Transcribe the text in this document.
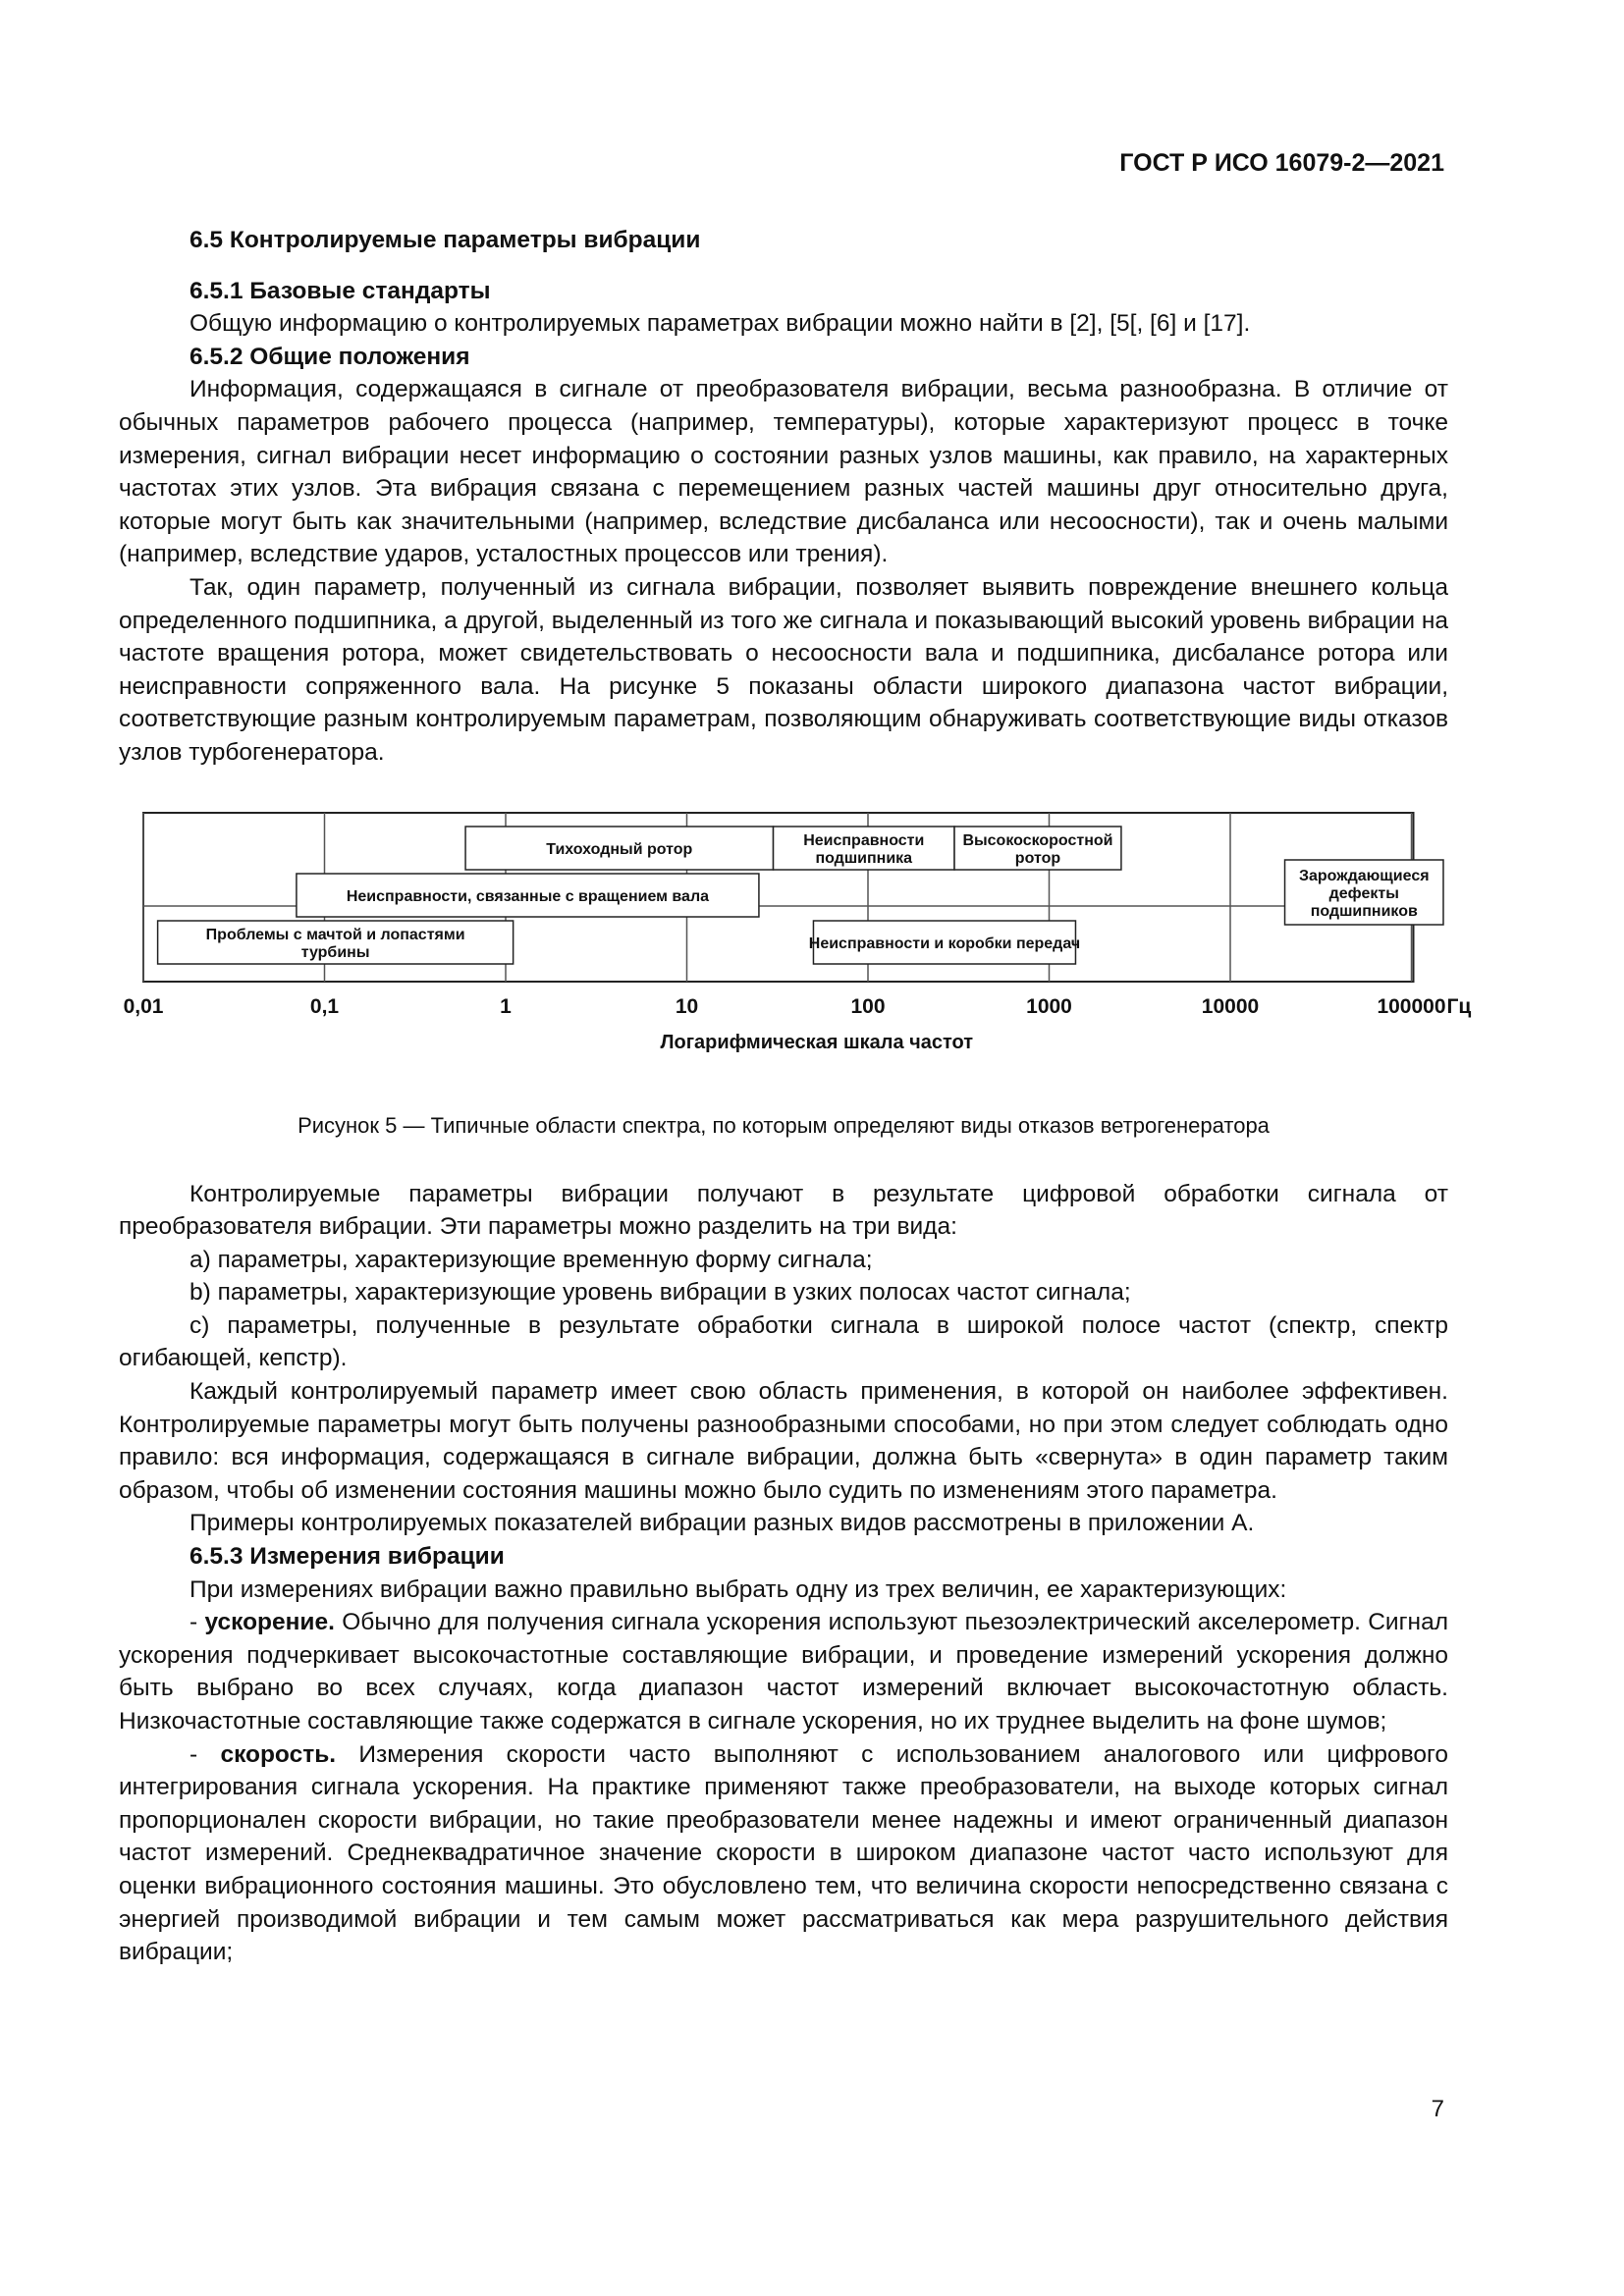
ГОСТ Р ИСО 16079-2—2021

6.5 Контролируемые параметры вибрации

6.5.1 Базовые стандарты

Общую информацию о контролируемых параметрах вибрации можно найти в [2], [5[, [6] и [17].

6.5.2 Общие положения

Информация, содержащаяся в сигнале от преобразователя вибрации, весьма разнообразна. В отличие от обычных параметров рабочего процесса (например, температуры), которые характеризуют процесс в точке измерения, сигнал вибрации несет информацию о состоянии разных узлов машины, как правило, на характерных частотах этих узлов. Эта вибрация связана с перемещением разных частей машины друг относительно друга, которые могут быть как значительными (например, вследствие дисбаланса или несоосности), так и очень малыми (например, вследствие ударов, усталостных процессов или трения).

Так, один параметр, полученный из сигнала вибрации, позволяет выявить повреждение внешнего кольца определенного подшипника, а другой, выделенный из того же сигнала и показывающий высокий уровень вибрации на частоте вращения ротора, может свидетельствовать о несоосности вала и подшипника, дисбалансе ротора или неисправности сопряженного вала. На рисунке 5 показаны области широкого диапазона частот вибрации, соответствующие разным контролируемым параметрам, позволяющим обнаруживать соответствующие виды отказов узлов турбогенератора.

0,01	0,1	1	10	100	1000	10000	100000 Гц
Логарифмическая шкала частот
Тихоходный ротор
Неисправности
подшипника
Высокоскоростной
ротор
Неисправности, связанные с вращением вала
Зарождающиеся
дефекты
подшипников
Проблемы с мачтой и лопастями
турбины
Неисправности и коробки передач

Рисунок 5 — Типичные области спектра, по которым определяют виды отказов ветрогенератора

Контролируемые параметры вибрации получают в результате цифровой обработки сигнала от преобразователя вибрации. Эти параметры можно разделить на три вида:

а) параметры, характеризующие временную форму сигнала;

b) параметры, характеризующие уровень вибрации в узких полосах частот сигнала;

c) параметры, полученные в результате обработки сигнала в широкой полосе частот (спектр, спектр огибающей, кепстр).

Каждый контролируемый параметр имеет свою область применения, в которой он наиболее эффективен. Контролируемые параметры могут быть получены разнообразными способами, но при этом следует соблюдать одно правило: вся информация, содержащаяся в сигнале вибрации, должна быть «свернута» в один параметр таким образом, чтобы об изменении состояния машины можно было судить по изменениям этого параметра.

Примеры контролируемых показателей вибрации разных видов рассмотрены в приложении А.

6.5.3 Измерения вибрации

При измерениях вибрации важно правильно выбрать одну из трех величин, ее характеризующих:

- ускорение. Обычно для получения сигнала ускорения используют пьезоэлектрический акселерометр. Сигнал ускорения подчеркивает высокочастотные составляющие вибрации, и проведение измерений ускорения должно быть выбрано во всех случаях, когда диапазон частот измерений включает высокочастотную область. Низкочастотные составляющие также содержатся в сигнале ускорения, но их труднее выделить на фоне шумов;

- скорость. Измерения скорости часто выполняют с использованием аналогового или цифрового интегрирования сигнала ускорения. На практике применяют также преобразователи, на выходе которых сигнал пропорционален скорости вибрации, но такие преобразователи менее надежны и имеют ограниченный диапазон частот измерений. Среднеквадратичное значение скорости в широком диапазоне частот часто используют для оценки вибрационного состояния машины. Это обусловлено тем, что величина скорости непосредственно связана с энергией производимой вибрации и тем самым может рассматриваться как мера разрушительного действия вибрации;

7
